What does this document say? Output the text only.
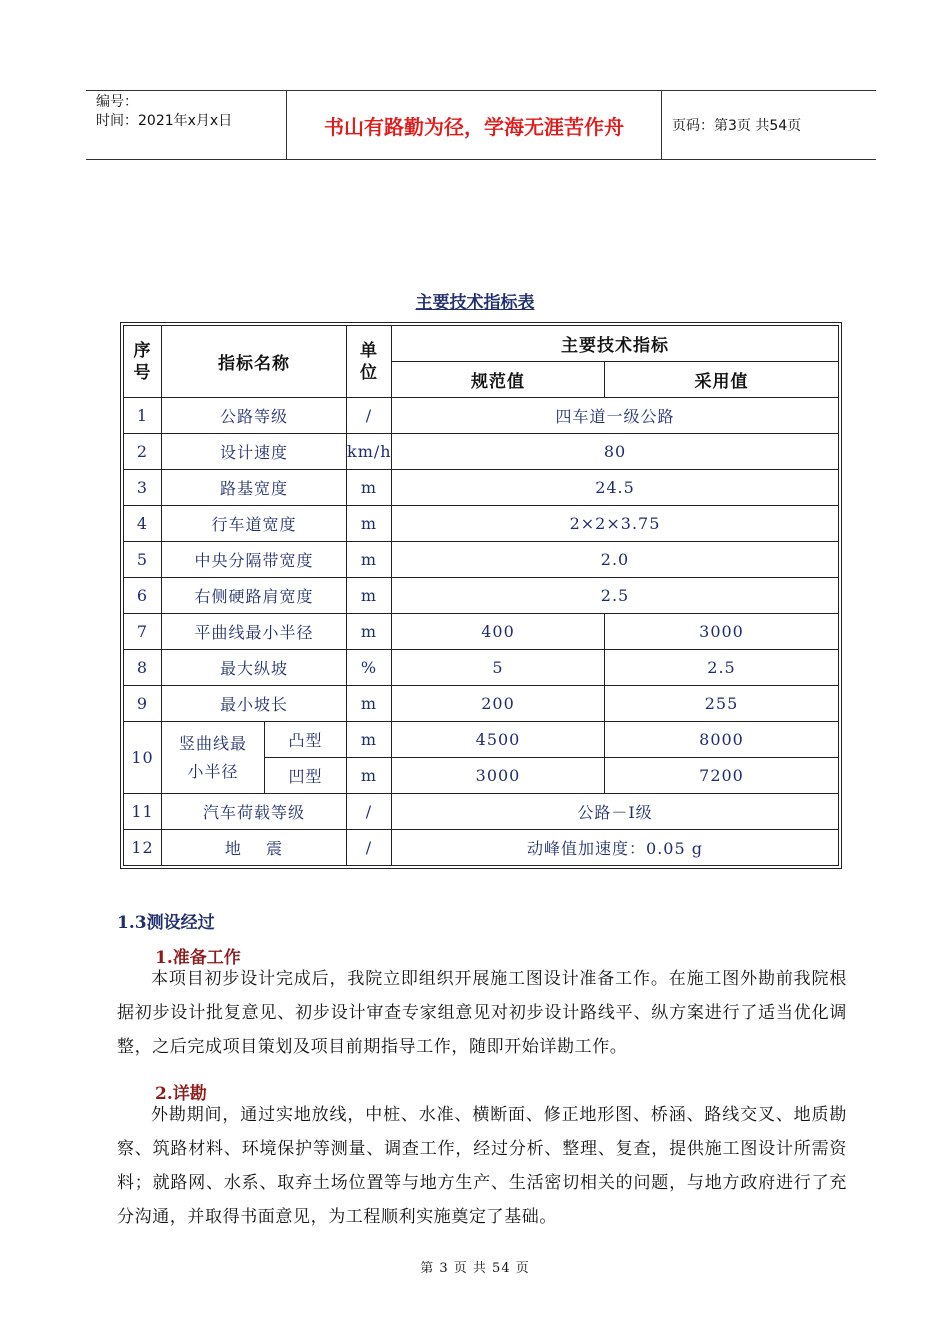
编号：
时间：2021年x月x日	书山有路勤为径，学海无涯苦作舟	页码：第3页 共54页
主要技术指标表
序号	指标名称		单位	主要技术指标	
				规范值	采用值
1	公路等级		/	四车道一级公路	
2	设计速度		km/h	80	
3	路基宽度		m	24.5	
4	行车道宽度		m	2×2×3.75	
5	中央分隔带宽度		m	2.0	
6	右侧硬路肩宽度		m	2.5	
7	平曲线最小半径		m	400	3000
8	最大纵坡		%	5	2.5
9	最小坡长		m	200	255
10	竖曲线最小半径	凸型	m	4500	8000
		凹型	m	3000	7200
11	汽车荷载等级		/	公路－I级	
12	地    震		/	动峰值加速度：0.05 g	
1.3测设经过
1.准备工作
本项目初步设计完成后，我院立即组织开展施工图设计准备工作。在施工图外勘前我院根据初步设计批复意见、初步设计审查专家组意见对初步设计路线平、纵方案进行了适当优化调整，之后完成项目策划及项目前期指导工作，随即开始详勘工作。
2.详勘
外勘期间，通过实地放线，中桩、水准、横断面、修正地形图、桥涵、路线交叉、地质勘察、筑路材料、环境保护等测量、调查工作，经过分析、整理、复查，提供施工图设计所需资料；就路网、水系、取弃土场位置等与地方生产、生活密切相关的问题，与地方政府进行了充分沟通，并取得书面意见，为工程顺利实施奠定了基础。
第 3 页 共 54 页
